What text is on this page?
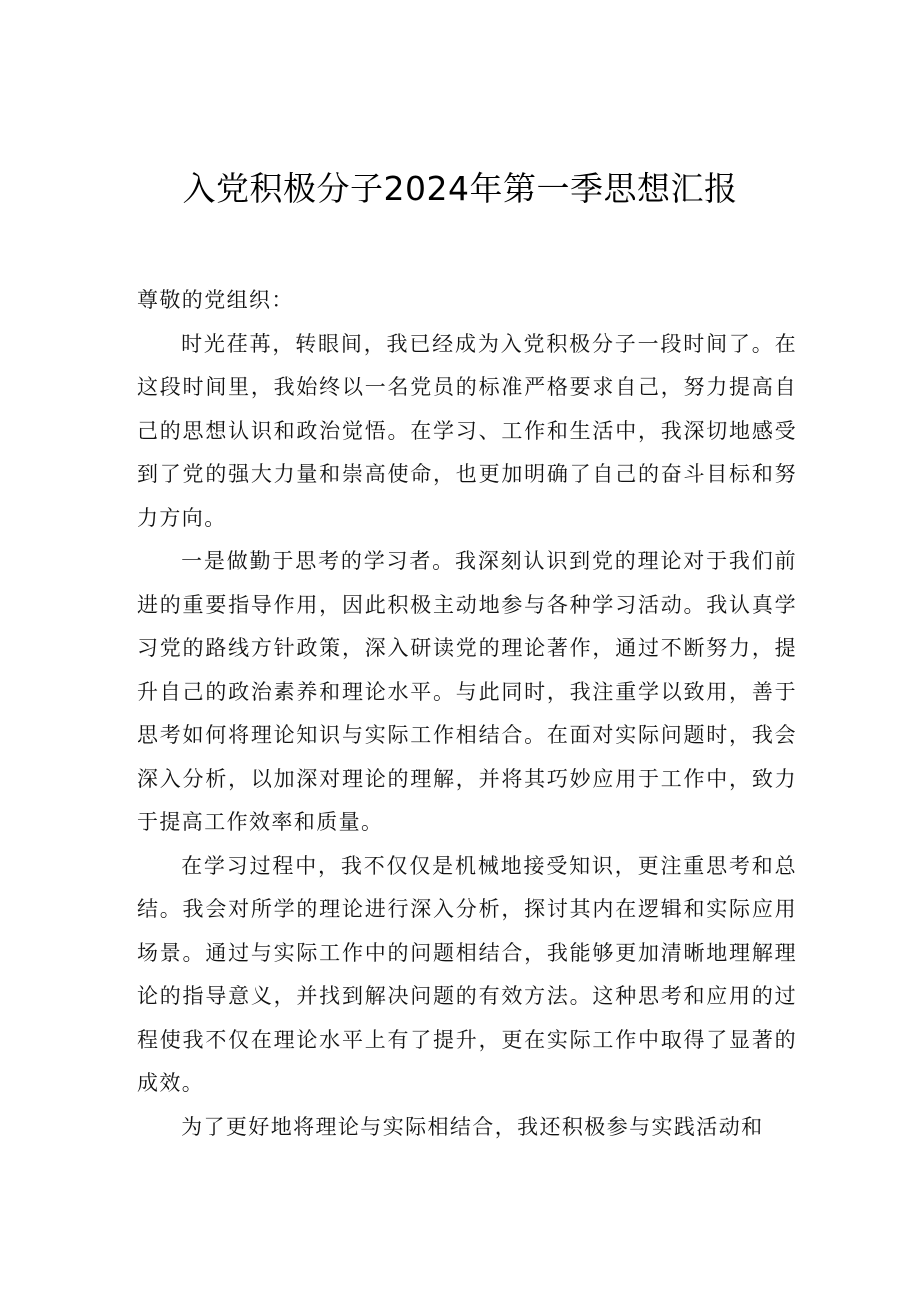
入党积极分子2024年第一季思想汇报

尊敬的党组织：

时光荏苒，转眼间，我已经成为入党积极分子一段时间了。在这段时间里，我始终以一名党员的标准严格要求自己，努力提高自己的思想认识和政治觉悟。在学习、工作和生活中，我深切地感受到了党的强大力量和崇高使命，也更加明确了自己的奋斗目标和努力方向。

一是做勤于思考的学习者。我深刻认识到党的理论对于我们前进的重要指导作用，因此积极主动地参与各种学习活动。我认真学习党的路线方针政策，深入研读党的理论著作，通过不断努力，提升自己的政治素养和理论水平。与此同时，我注重学以致用，善于思考如何将理论知识与实际工作相结合。在面对实际问题时，我会深入分析，以加深对理论的理解，并将其巧妙应用于工作中，致力于提高工作效率和质量。

在学习过程中，我不仅仅是机械地接受知识，更注重思考和总结。我会对所学的理论进行深入分析，探讨其内在逻辑和实际应用场景。通过与实际工作中的问题相结合，我能够更加清晰地理解理论的指导意义，并找到解决问题的有效方法。这种思考和应用的过程使我不仅在理论水平上有了提升，更在实际工作中取得了显著的成效。

为了更好地将理论与实际相结合，我还积极参与实践活动和
